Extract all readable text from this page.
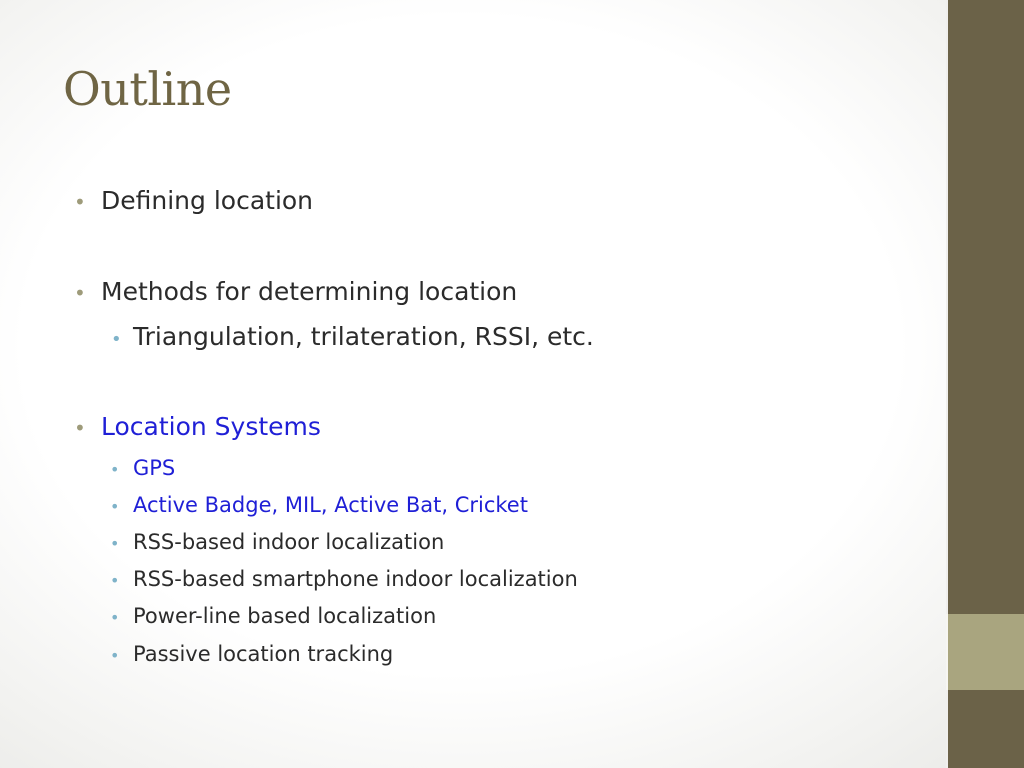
Outline
• Defining location
• Methods for determining location
• Triangulation, trilateration, RSSI, etc.
• Location Systems
• GPS
• Active Badge, MIL, Active Bat, Cricket
• RSS-based indoor localization
• RSS-based smartphone indoor localization
• Power-line based localization
• Passive location tracking
